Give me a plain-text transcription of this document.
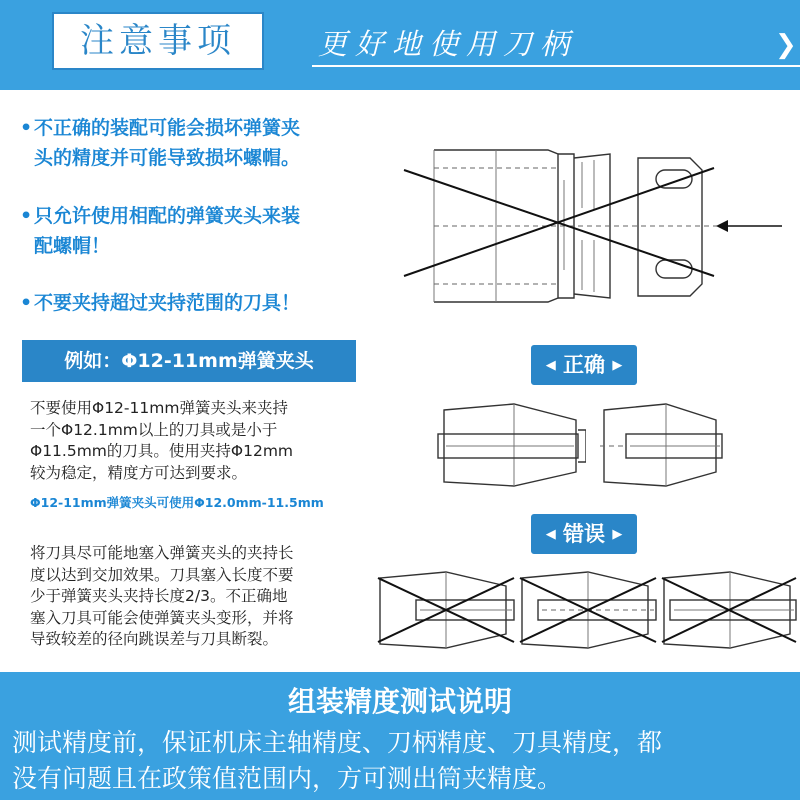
注意事项	更好地使用刀柄	❯
•不正确的装配可能会损坏弹簧夹
头的精度并可能导致损坏螺帽。
•只允许使用相配的弹簧夹头来装
配螺帽！
•不要夹持超过夹持范围的刀具！
例如：Φ12-11mm弹簧夹头
不要使用Φ12-11mm弹簧夹头来夹持
一个Φ12.1mm以上的刀具或是小于
Φ11.5mm的刀具。使用夹持Φ12mm
较为稳定，精度方可达到要求。
Φ12-11mm弹簧夹头可使用Φ12.0mm-11.5mm
将刀具尽可能地塞入弹簧夹头的夹持长
度以达到交加效果。刀具塞入长度不要
少于弹簧夹头夹持长度2/3。不正确地
塞入刀具可能会使弹簧夹头变形，并将
导致较差的径向跳误差与刀具断裂。
◀ 正确 ▶
◀ 错误 ▶
组装精度测试说明
测试精度前，保证机床主轴精度、刀柄精度、刀具精度，都
没有问题且在政策值范围内，方可测出筒夹精度。
